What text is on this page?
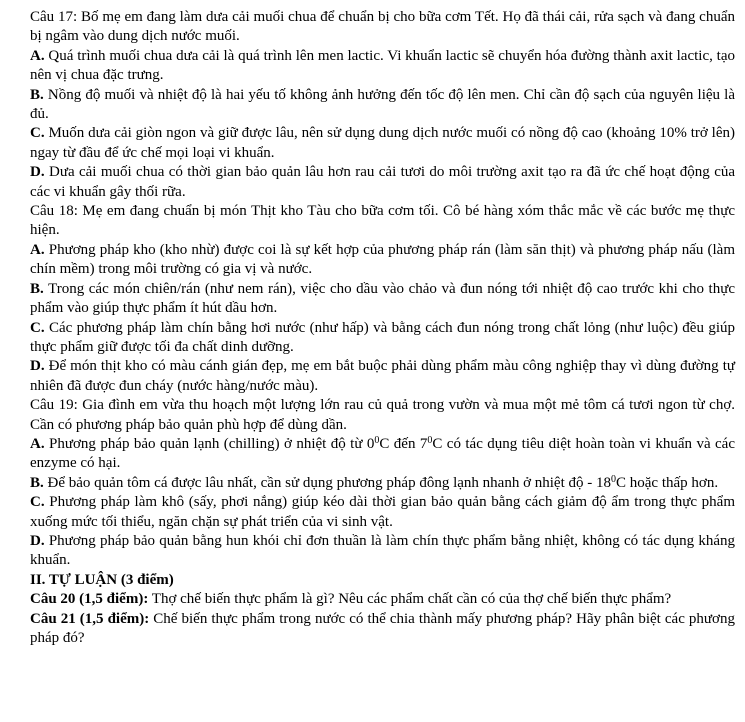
Câu 17: Bố mẹ em đang làm dưa cải muối chua để chuẩn bị cho bữa cơm Tết. Họ đã thái cải, rửa sạch và đang chuẩn bị ngâm vào dung dịch nước muối.

A. Quá trình muối chua dưa cải là quá trình lên men lactic. Vi khuẩn lactic sẽ chuyển hóa đường thành axit lactic, tạo nên vị chua đặc trưng.

B. Nồng độ muối và nhiệt độ là hai yếu tố không ảnh hưởng đến tốc độ lên men. Chỉ cần độ sạch của nguyên liệu là đủ.

C. Muốn dưa cải giòn ngon và giữ được lâu, nên sử dụng dung dịch nước muối có nồng độ cao (khoảng 10% trở lên) ngay từ đầu để ức chế mọi loại vi khuẩn.

D. Dưa cải muối chua có thời gian bảo quản lâu hơn rau cải tươi do môi trường axit tạo ra đã ức chế hoạt động của các vi khuẩn gây thối rữa.

Câu 18: Mẹ em đang chuẩn bị món Thịt kho Tàu cho bữa cơm tối. Cô bé hàng xóm thắc mắc về các bước mẹ thực hiện.

A. Phương pháp kho (kho nhừ) được coi là sự kết hợp của phương pháp rán (làm săn thịt) và phương pháp nấu (làm chín mềm) trong môi trường có gia vị và nước.

B. Trong các món chiên/rán (như nem rán), việc cho dầu vào chảo và đun nóng tới nhiệt độ cao trước khi cho thực phẩm vào giúp thực phẩm ít hút dầu hơn.

C. Các phương pháp làm chín bằng hơi nước (như hấp) và bằng cách đun nóng trong chất lỏng (như luộc) đều giúp thực phẩm giữ được tối đa chất dinh dưỡng.

D. Để món thịt kho có màu cánh gián đẹp, mẹ em bắt buộc phải dùng phẩm màu công nghiệp thay vì dùng đường tự nhiên đã được đun cháy (nước hàng/nước màu).

Câu 19: Gia đình em vừa thu hoạch một lượng lớn rau củ quả trong vườn và mua một mẻ tôm cá tươi ngon từ chợ. Cần có phương pháp bảo quản phù hợp để dùng dần.

A. Phương pháp bảo quản lạnh (chilling) ở nhiệt độ từ $0^0C$ đến $7^0C$ có tác dụng tiêu diệt hoàn toàn vi khuẩn và các enzyme có hại.

B. Để bảo quản tôm cá được lâu nhất, cần sử dụng phương pháp đông lạnh nhanh ở nhiệt độ - $18^0C$ hoặc thấp hơn.

C. Phương pháp làm khô (sấy, phơi nắng) giúp kéo dài thời gian bảo quản bằng cách giảm độ ẩm trong thực phẩm xuống mức tối thiểu, ngăn chặn sự phát triển của vi sinh vật.

D. Phương pháp bảo quản bằng hun khói chỉ đơn thuần là làm chín thực phẩm bằng nhiệt, không có tác dụng kháng khuẩn.

II. TỰ LUẬN (3 điểm)

Câu 20 (1,5 điểm): Thợ chế biến thực phẩm là gì? Nêu các phẩm chất cần có của thợ chế biến thực phẩm?

Câu 21 (1,5 điểm): Chế biến thực phẩm trong nước có thể chia thành mấy phương pháp? Hãy phân biệt các phương pháp đó?
